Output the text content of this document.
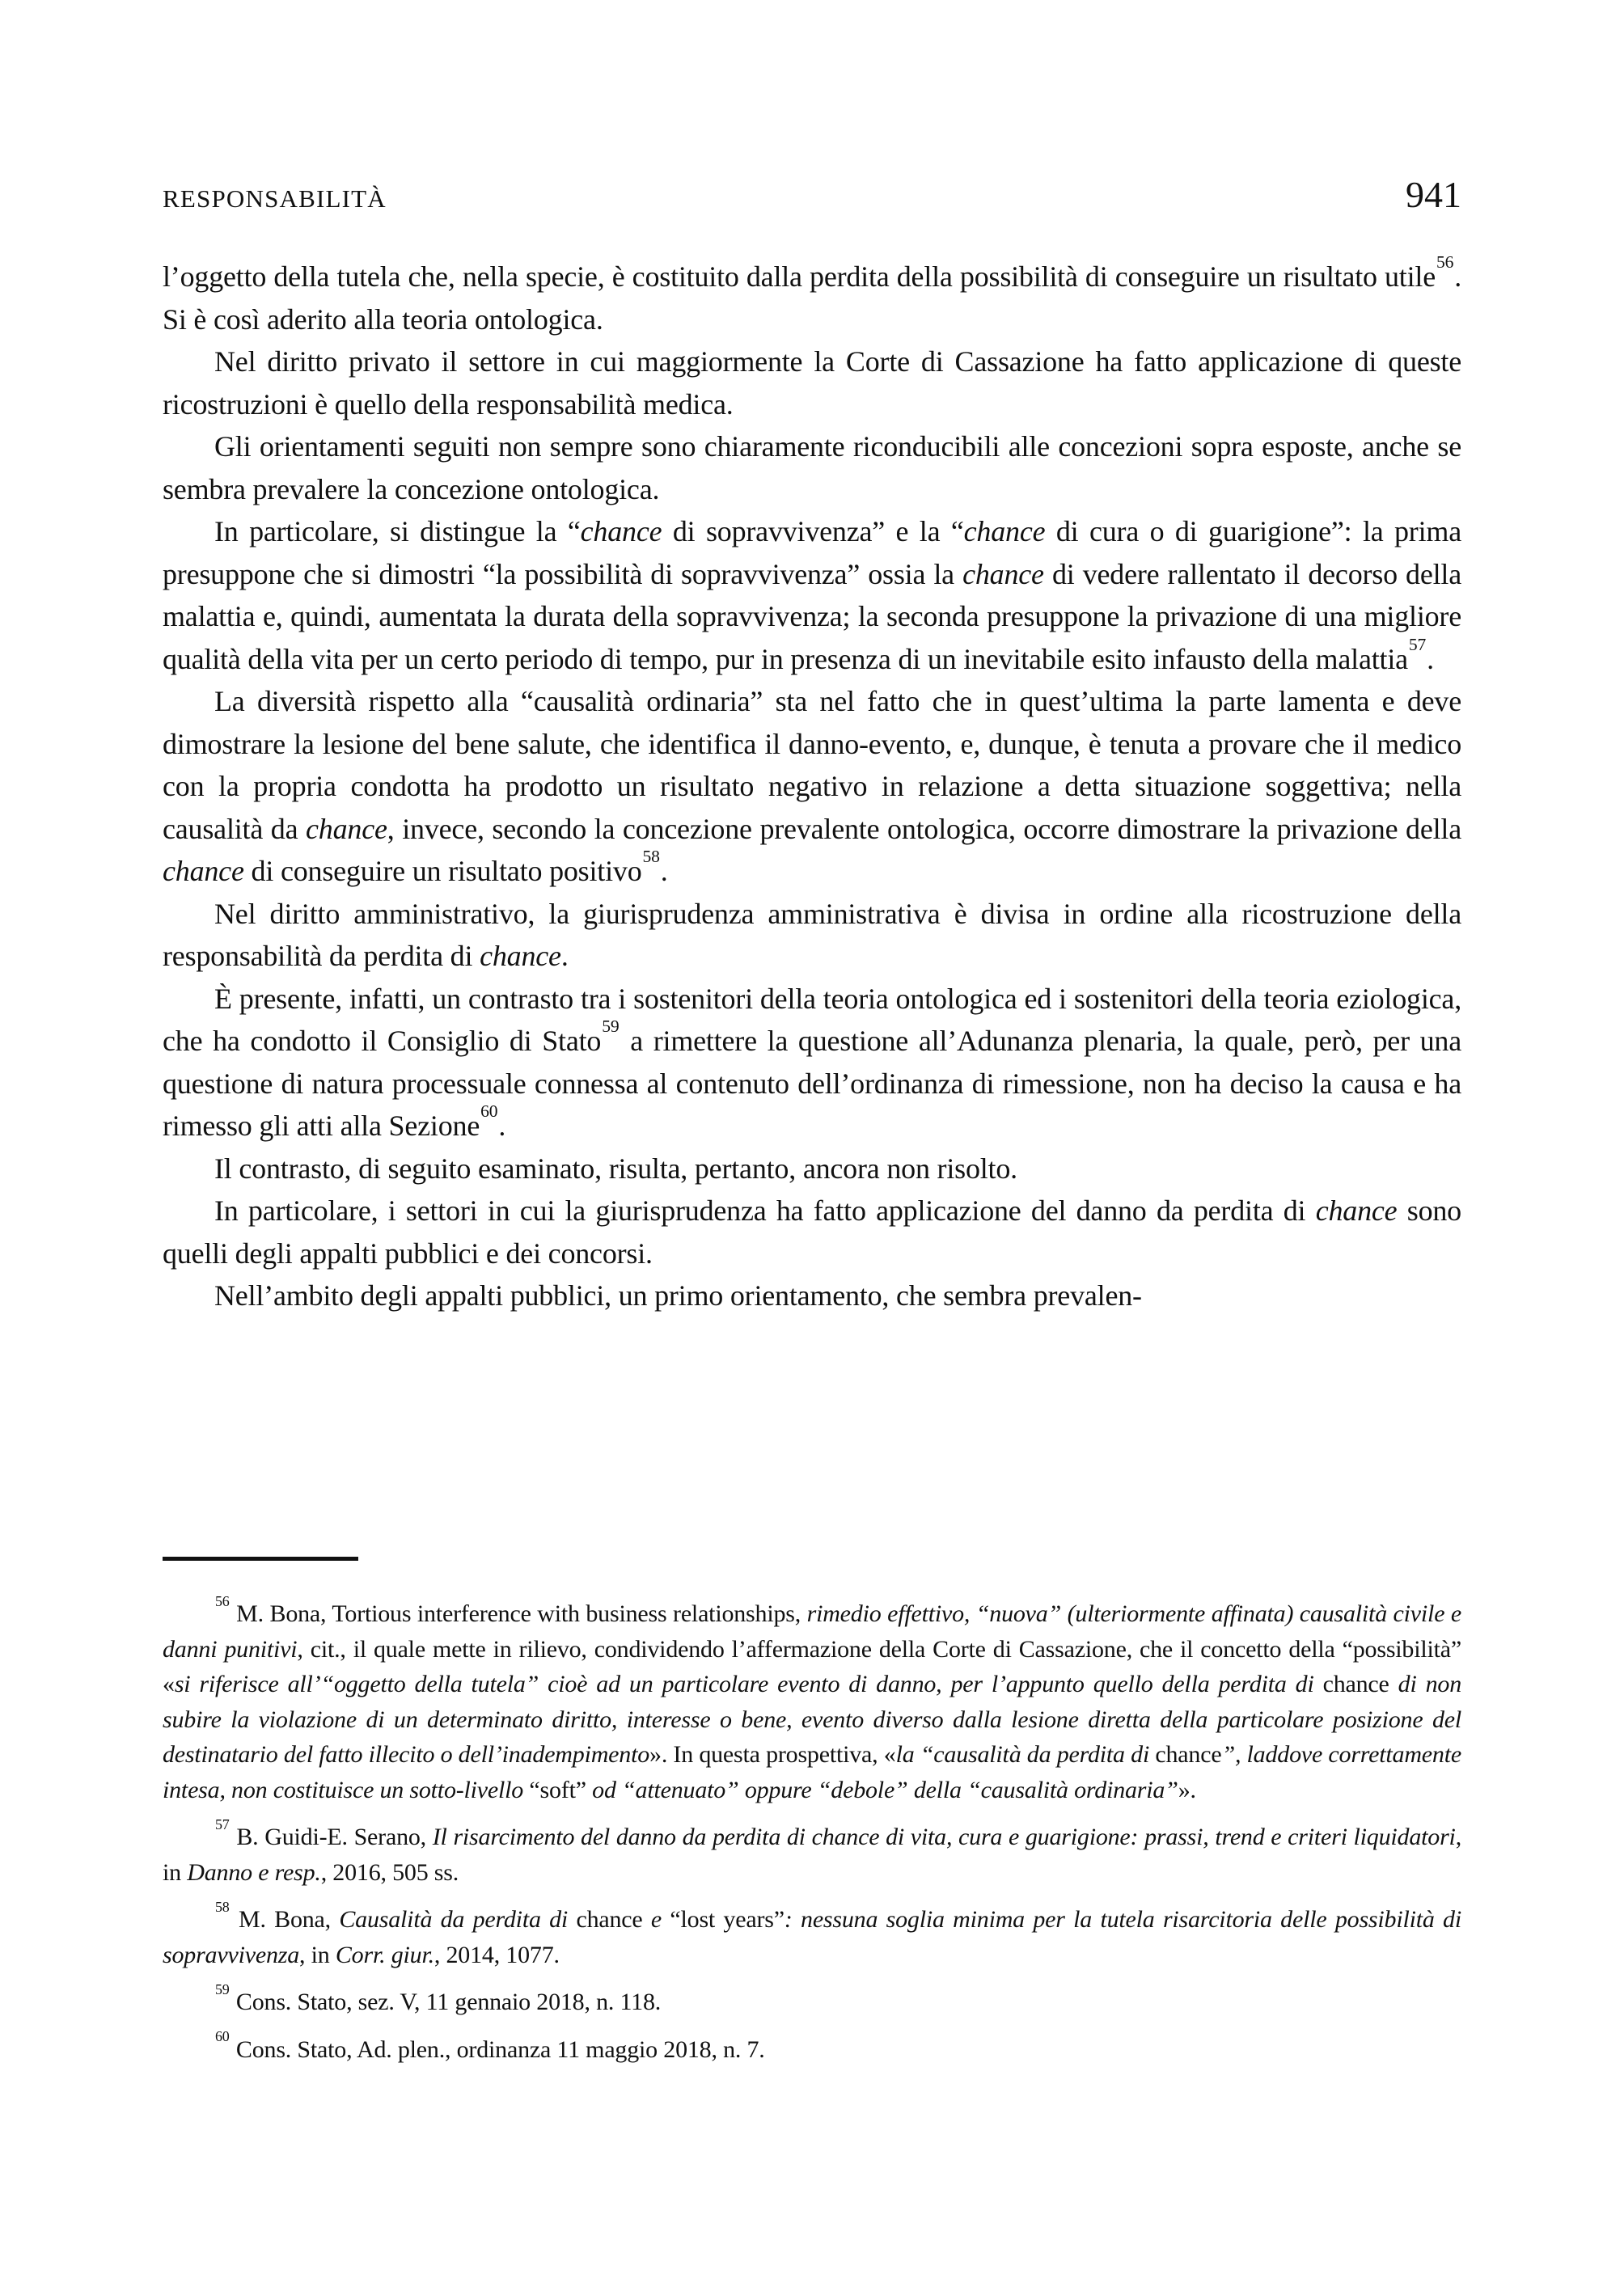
RESPONSABILITÀ	941

l’oggetto della tutela che, nella specie, è costituito dalla perdita della possibilità di conseguire un risultato utile$^{56}$. Si è così aderito alla teoria ontologica.

Nel diritto privato il settore in cui maggiormente la Corte di Cassazione ha fatto applicazione di queste ricostruzioni è quello della responsabilità medica.

Gli orientamenti seguiti non sempre sono chiaramente riconducibili alle concezioni sopra esposte, anche se sembra prevalere la concezione ontologica.

In particolare, si distingue la “chance di sopravvivenza” e la “chance di cura o di guarigione”: la prima presuppone che si dimostri “la possibilità di sopravvivenza” ossia la chance di vedere rallentato il decorso della malattia e, quindi, aumentata la durata della sopravvivenza; la seconda presuppone la privazione di una migliore qualità della vita per un certo periodo di tempo, pur in presenza di un inevitabile esito infausto della malattia$^{57}$.

La diversità rispetto alla “causalità ordinaria” sta nel fatto che in quest’ultima la parte lamenta e deve dimostrare la lesione del bene salute, che identifica il danno-evento, e, dunque, è tenuta a provare che il medico con la propria condotta ha prodotto un risultato negativo in relazione a detta situazione soggettiva; nella causalità da chance, invece, secondo la concezione prevalente ontologica, occorre dimostrare la privazione della chance di conseguire un risultato positivo$^{58}$.

Nel diritto amministrativo, la giurisprudenza amministrativa è divisa in ordine alla ricostruzione della responsabilità da perdita di chance.

È presente, infatti, un contrasto tra i sostenitori della teoria ontologica ed i sostenitori della teoria eziologica, che ha condotto il Consiglio di Stato$^{59}$ a rimettere la questione all’Adunanza plenaria, la quale, però, per una questione di natura processuale connessa al contenuto dell’ordinanza di rimessione, non ha deciso la causa e ha rimesso gli atti alla Sezione$^{60}$.

Il contrasto, di seguito esaminato, risulta, pertanto, ancora non risolto.

In particolare, i settori in cui la giurisprudenza ha fatto applicazione del danno da perdita di chance sono quelli degli appalti pubblici e dei concorsi.

Nell’ambito degli appalti pubblici, un primo orientamento, che sembra prevalen-

$^{56}$ M. Bona, Tortious interference with business relationships, rimedio effettivo, “nuova” (ulteriormente affinata) causalità civile e danni punitivi, cit., il quale mette in rilievo, condividendo l’affermazione della Corte di Cassazione, che il concetto della “possibilità” «si riferisce all’“oggetto della tutela” cioè ad un particolare evento di danno, per l’appunto quello della perdita di chance di non subire la violazione di un determinato diritto, interesse o bene, evento diverso dalla lesione diretta della particolare posizione del destinatario del fatto illecito o dell’inadempimento». In questa prospettiva, «la “causalità da perdita di chance”, laddove correttamente intesa, non costituisce un sotto-livello “soft” od “attenuato” oppure “debole” della “causalità ordinaria”».

$^{57}$ B. Guidi-E. Serano, Il risarcimento del danno da perdita di chance di vita, cura e guarigione: prassi, trend e criteri liquidatori, in Danno e resp., 2016, 505 ss.

$^{58}$ M. Bona, Causalità da perdita di chance e “lost years”: nessuna soglia minima per la tutela risarcitoria delle possibilità di sopravvivenza, in Corr. giur., 2014, 1077.

$^{59}$ Cons. Stato, sez. V, 11 gennaio 2018, n. 118.

$^{60}$ Cons. Stato, Ad. plen., ordinanza 11 maggio 2018, n. 7.
